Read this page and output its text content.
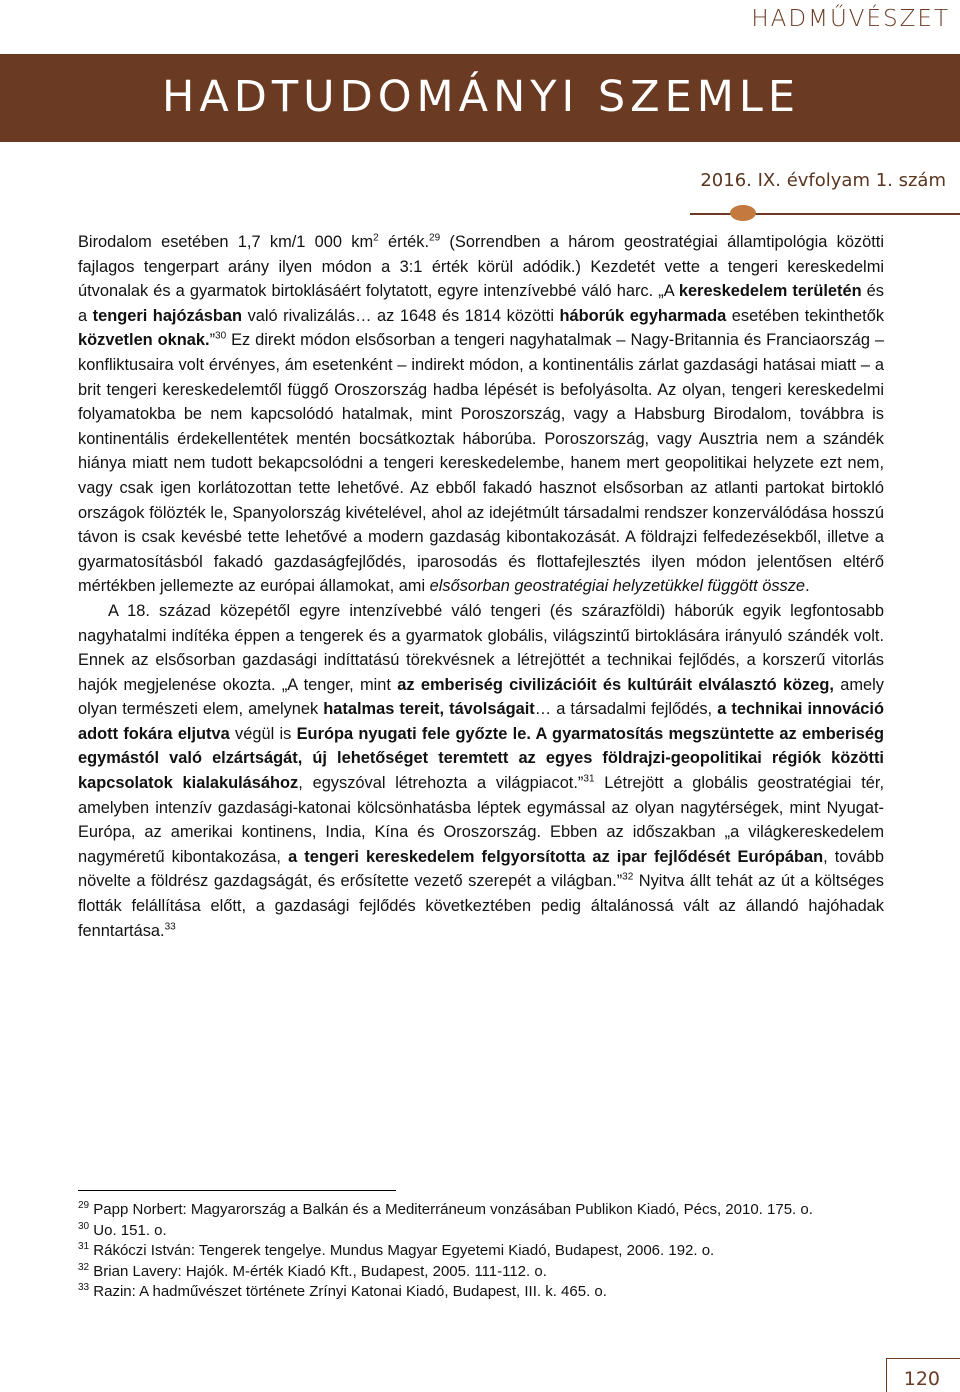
HADMŰVÉSZET
HADTUDOMÁNYI SZEMLE
2016. IX. évfolyam 1. szám

Birodalom esetében 1,7 km/1 000 $km^2$ érték.$^{29}$ (Sorrendben a három geostratégiai államtipológia közötti fajlagos tengerpart arány ilyen módon a 3:1 érték körül adódik.) Kezdetét vette a tengeri kereskedelmi útvonalak és a gyarmatok birtoklásáért folytatott, egyre intenzívebbé váló harc. „A kereskedelem területén és a tengeri hajózásban való rivalizálás… az 1648 és 1814 közötti háborúk egyharmada esetében tekinthetők közvetlen oknak.”$^{30}$ Ez direkt módon elsősorban a tengeri nagyhatalmak – Nagy-Britannia és Franciaország – konfliktusaira volt érvényes, ám esetenként – indirekt módon, a kontinentális zárlat gazdasági hatásai miatt – a brit tengeri kereskedelemtől függő Oroszország hadba lépését is befolyásolta. Az olyan, tengeri kereskedelmi folyamatokba be nem kapcsolódó hatalmak, mint Poroszország, vagy a Habsburg Birodalom, továbbra is kontinentális érdekellentétek mentén bocsátkoztak háborúba. Poroszország, vagy Ausztria nem a szándék hiánya miatt nem tudott bekapcsolódni a tengeri kereskedelembe, hanem mert geopolitikai helyzete ezt nem, vagy csak igen korlátozottan tette lehetővé. Az ebből fakadó hasznot elsősorban az atlanti partokat birtokló országok fölözték le, Spanyolország kivételével, ahol az idejétmúlt társadalmi rendszer konzerválódása hosszú távon is csak kevésbé tette lehetővé a modern gazdaság kibontakozását. A földrajzi felfedezésekből, illetve a gyarmatosításból fakadó gazdaságfejlődés, iparosodás és flottafejlesztés ilyen módon jelentősen eltérő mértékben jellemezte az európai államokat, ami elsősorban geostratégiai helyzetükkel függött össze.

A 18. század közepétől egyre intenzívebbé váló tengeri (és szárazföldi) háborúk egyik legfontosabb nagyhatalmi indítéka éppen a tengerek és a gyarmatok globális, világszintű birtoklására irányuló szándék volt. Ennek az elsősorban gazdasági indíttatású törekvésnek a létrejöttét a technikai fejlődés, a korszerű vitorlás hajók megjelenése okozta. „A tenger, mint az emberiség civilizációit és kultúráit elválasztó közeg, amely olyan természeti elem, amelynek hatalmas tereit, távolságait… a társadalmi fejlődés, a technikai innováció adott fokára eljutva végül is Európa nyugati fele győzte le. A gyarmatosítás megszüntette az emberiség egymástól való elzártságát, új lehetőséget teremtett az egyes földrajzi-geopolitikai régiók közötti kapcsolatok kialakulásához, egyszóval létrehozta a világpiacot.”$^{31}$ Létrejött a globális geostratégiai tér, amelyben intenzív gazdasági-katonai kölcsönhatásba léptek egymással az olyan nagytérségek, mint Nyugat-Európa, az amerikai kontinens, India, Kína és Oroszország. Ebben az időszakban „a világkereskedelem nagyméretű kibontakozása, a tengeri kereskedelem felgyorsította az ipar fejlődését Európában, tovább növelte a földrész gazdagságát, és erősítette vezető szerepét a világban.”$^{32}$ Nyitva állt tehát az út a költséges flották felállítása előtt, a gazdasági fejlődés következtében pedig általánossá vált az állandó hajóhadak fenntartása.$^{33}$

$^{29}$ Papp Norbert: Magyarország a Balkán és a Mediterráneum vonzásában Publikon Kiadó, Pécs, 2010. 175. o.

$^{30}$ Uo. 151. o.

$^{31}$ Rákóczi István: Tengerek tengelye. Mundus Magyar Egyetemi Kiadó, Budapest, 2006. 192. o.

$^{32}$ Brian Lavery: Hajók. M-érték Kiadó Kft., Budapest, 2005. 111-112. o.

$^{33}$ Razin: A hadművészet története Zrínyi Katonai Kiadó, Budapest, III. k. 465. o.

120
